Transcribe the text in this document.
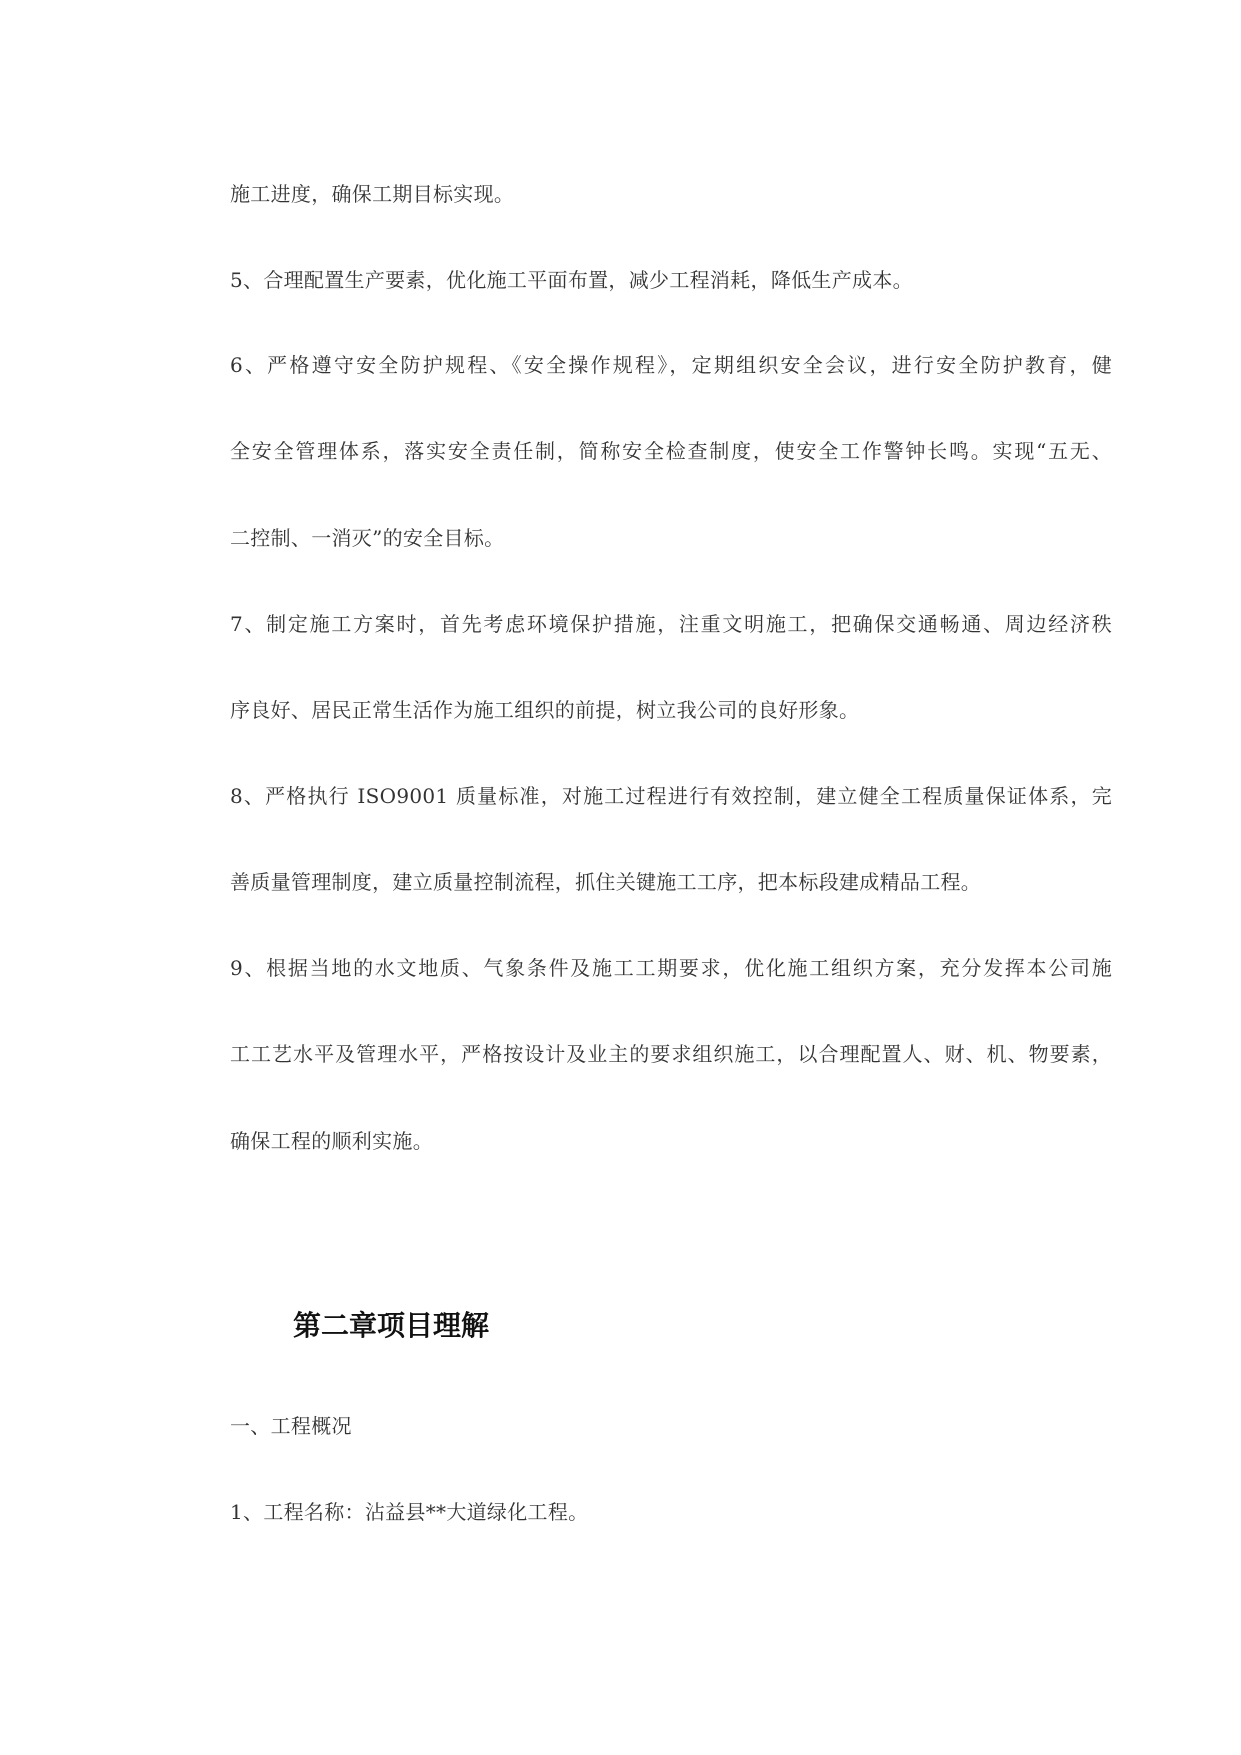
施工进度，确保工期目标实现。
5、合理配置生产要素，优化施工平面布置，减少工程消耗，降低生产成本。
6、严格遵守安全防护规程、《安全操作规程》，定期组织安全会议，进行安全防护教育，健
全安全管理体系，落实安全责任制，简称安全检查制度，使安全工作警钟长鸣。实现“五无、
二控制、一消灭”的安全目标。
7、制定施工方案时，首先考虑环境保护措施，注重文明施工，把确保交通畅通、周边经济秩
序良好、居民正常生活作为施工组织的前提，树立我公司的良好形象。
8、严格执行 ISO9001 质量标准，对施工过程进行有效控制，建立健全工程质量保证体系，完
善质量管理制度，建立质量控制流程，抓住关键施工工序，把本标段建成精品工程。
9、根据当地的水文地质、气象条件及施工工期要求，优化施工组织方案，充分发挥本公司施
工工艺水平及管理水平，严格按设计及业主的要求组织施工，以合理配置人、财、机、物要素，
确保工程的顺利实施。
第二章项目理解
一、工程概况
1、工程名称：沾益县**大道绿化工程。
